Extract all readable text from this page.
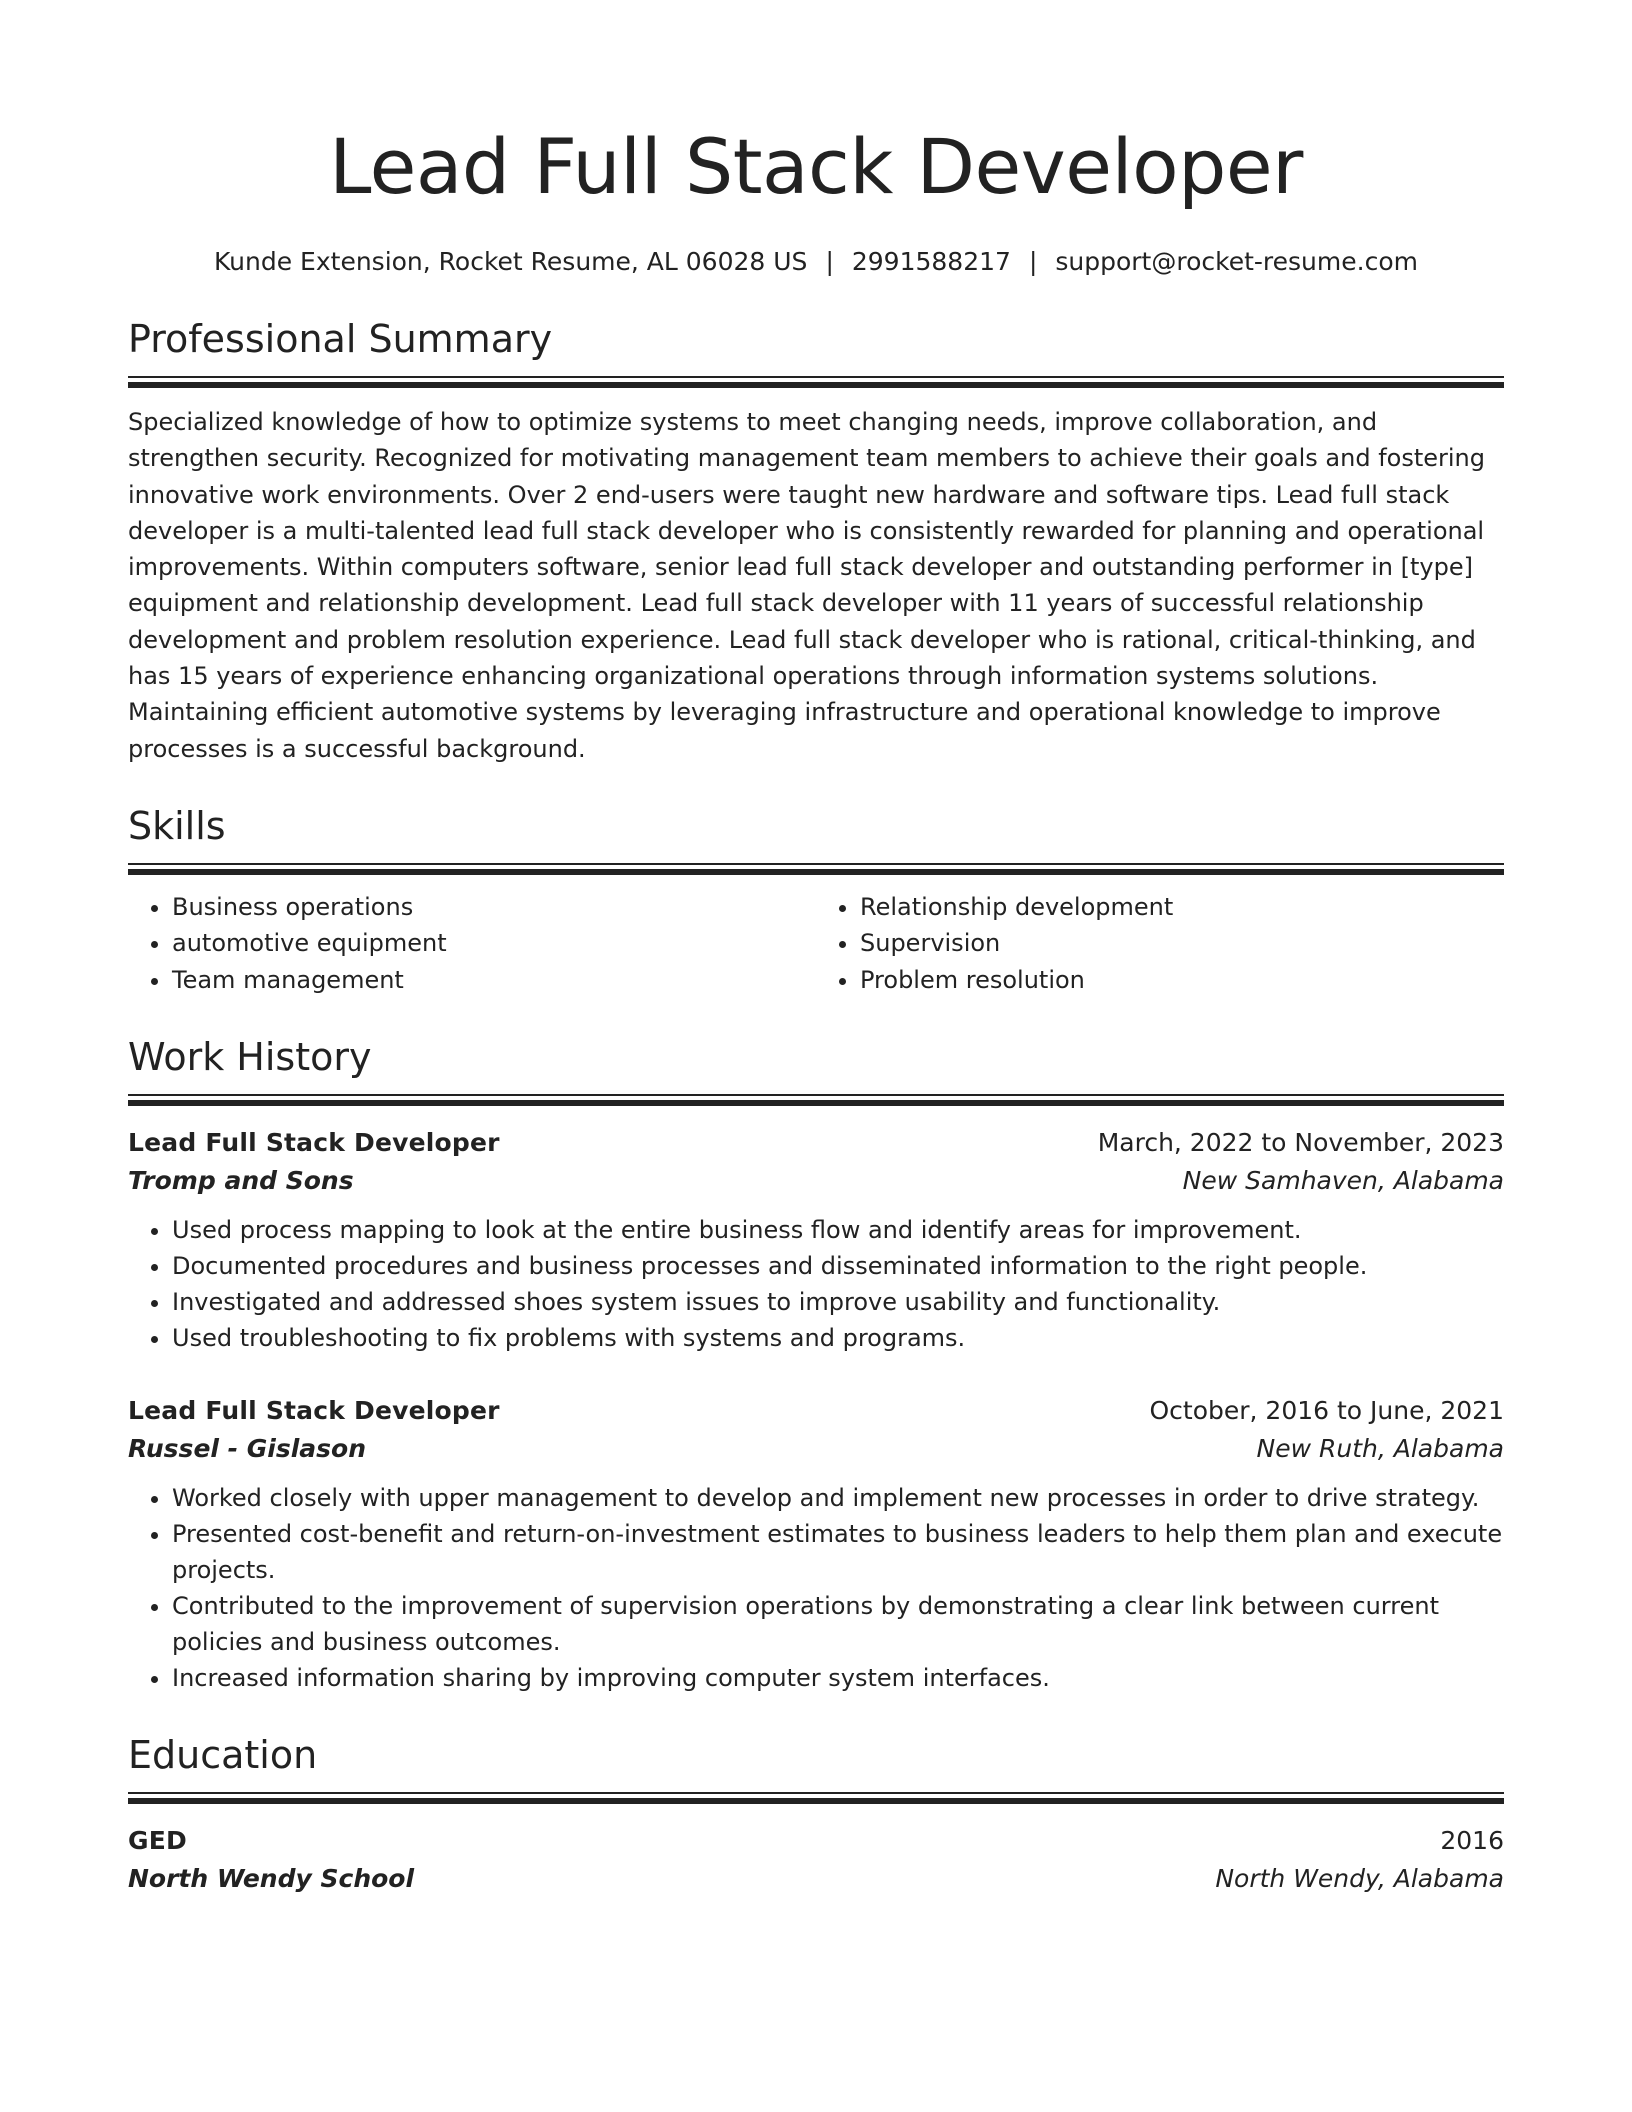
Lead Full Stack Developer
Kunde Extension, Rocket Resume, AL 06028 US | 2991588217 | support@rocket-resume.com
Professional Summary
Specialized knowledge of how to optimize systems to meet changing needs, improve collaboration, and strengthen security. Recognized for motivating management team members to achieve their goals and fostering innovative work environments. Over 2 end-users were taught new hardware and software tips. Lead full stack developer is a multi-talented lead full stack developer who is consistently rewarded for planning and operational improvements. Within computers software, senior lead full stack developer and outstanding performer in [type] equipment and relationship development. Lead full stack developer with 11 years of successful relationship development and problem resolution experience. Lead full stack developer who is rational, critical-thinking, and has 15 years of experience enhancing organizational operations through information systems solutions. Maintaining efficient automotive systems by leveraging infrastructure and operational knowledge to improve processes is a successful background.
Skills
• Business operations
• automotive equipment
• Team management
• Relationship development
• Supervision
• Problem resolution
Work History
Lead Full Stack Developer	March, 2022 to November, 2023
Tromp and Sons	New Samhaven, Alabama
• Used process mapping to look at the entire business flow and identify areas for improvement.
• Documented procedures and business processes and disseminated information to the right people.
• Investigated and addressed shoes system issues to improve usability and functionality.
• Used troubleshooting to fix problems with systems and programs.
Lead Full Stack Developer	October, 2016 to June, 2021
Russel - Gislason	New Ruth, Alabama
• Worked closely with upper management to develop and implement new processes in order to drive strategy.
• Presented cost-benefit and return-on-investment estimates to business leaders to help them plan and execute projects.
• Contributed to the improvement of supervision operations by demonstrating a clear link between current policies and business outcomes.
• Increased information sharing by improving computer system interfaces.
Education
GED	2016
North Wendy School	North Wendy, Alabama
